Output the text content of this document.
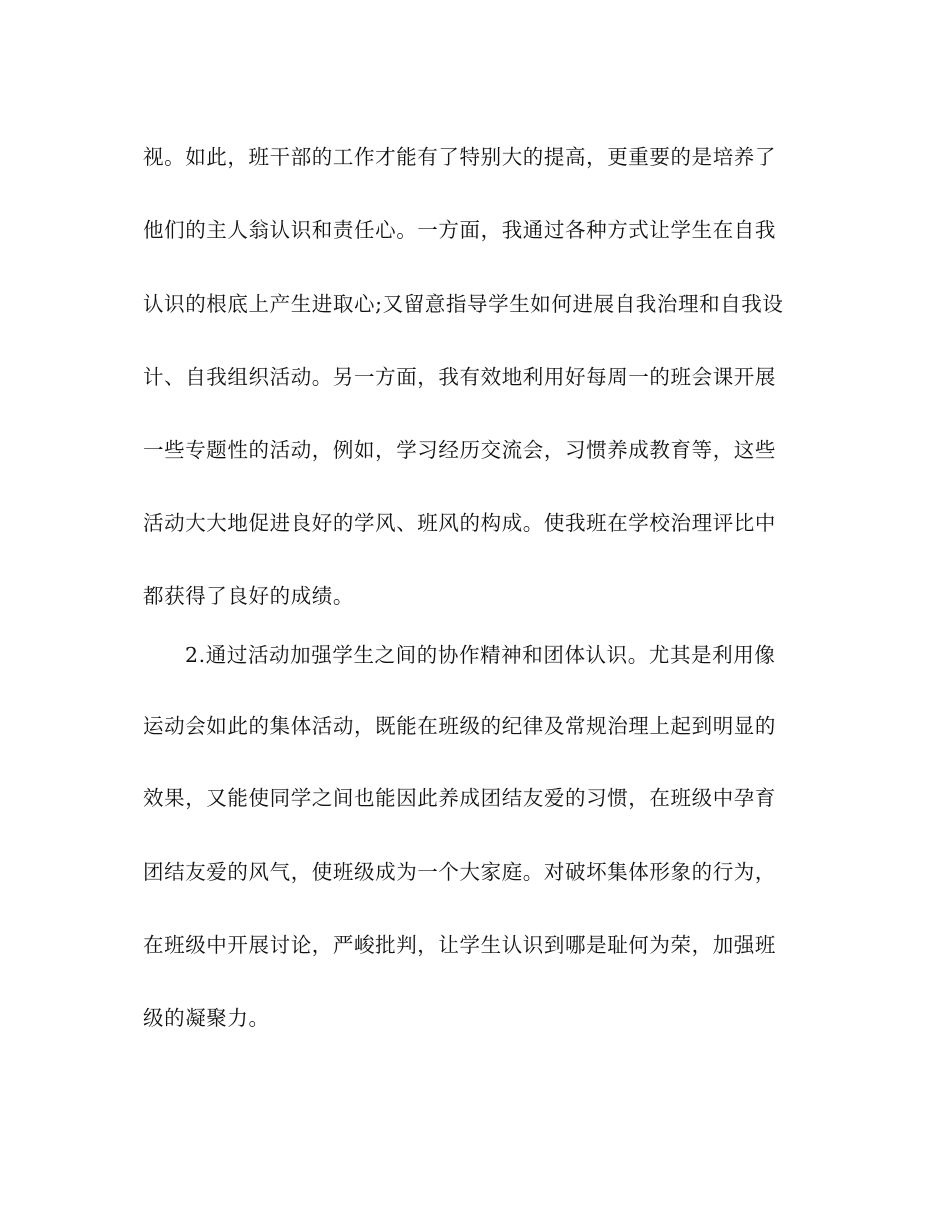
视。如此，班干部的工作才能有了特别大的提高，更重要的是培养了
他们的主人翁认识和责任心。一方面，我通过各种方式让学生在自我
认识的根底上产生进取心;又留意指导学生如何进展自我治理和自我设
计、自我组织活动。另一方面，我有效地利用好每周一的班会课开展
一些专题性的活动，例如，学习经历交流会，习惯养成教育等，这些
活动大大地促进良好的学风、班风的构成。使我班在学校治理评比中
都获得了良好的成绩。
2.通过活动加强学生之间的协作精神和团体认识。尤其是利用像
运动会如此的集体活动，既能在班级的纪律及常规治理上起到明显的
效果，又能使同学之间也能因此养成团结友爱的习惯，在班级中孕育
团结友爱的风气，使班级成为一个大家庭。对破坏集体形象的行为，
在班级中开展讨论，严峻批判，让学生认识到哪是耻何为荣，加强班
级的凝聚力。
